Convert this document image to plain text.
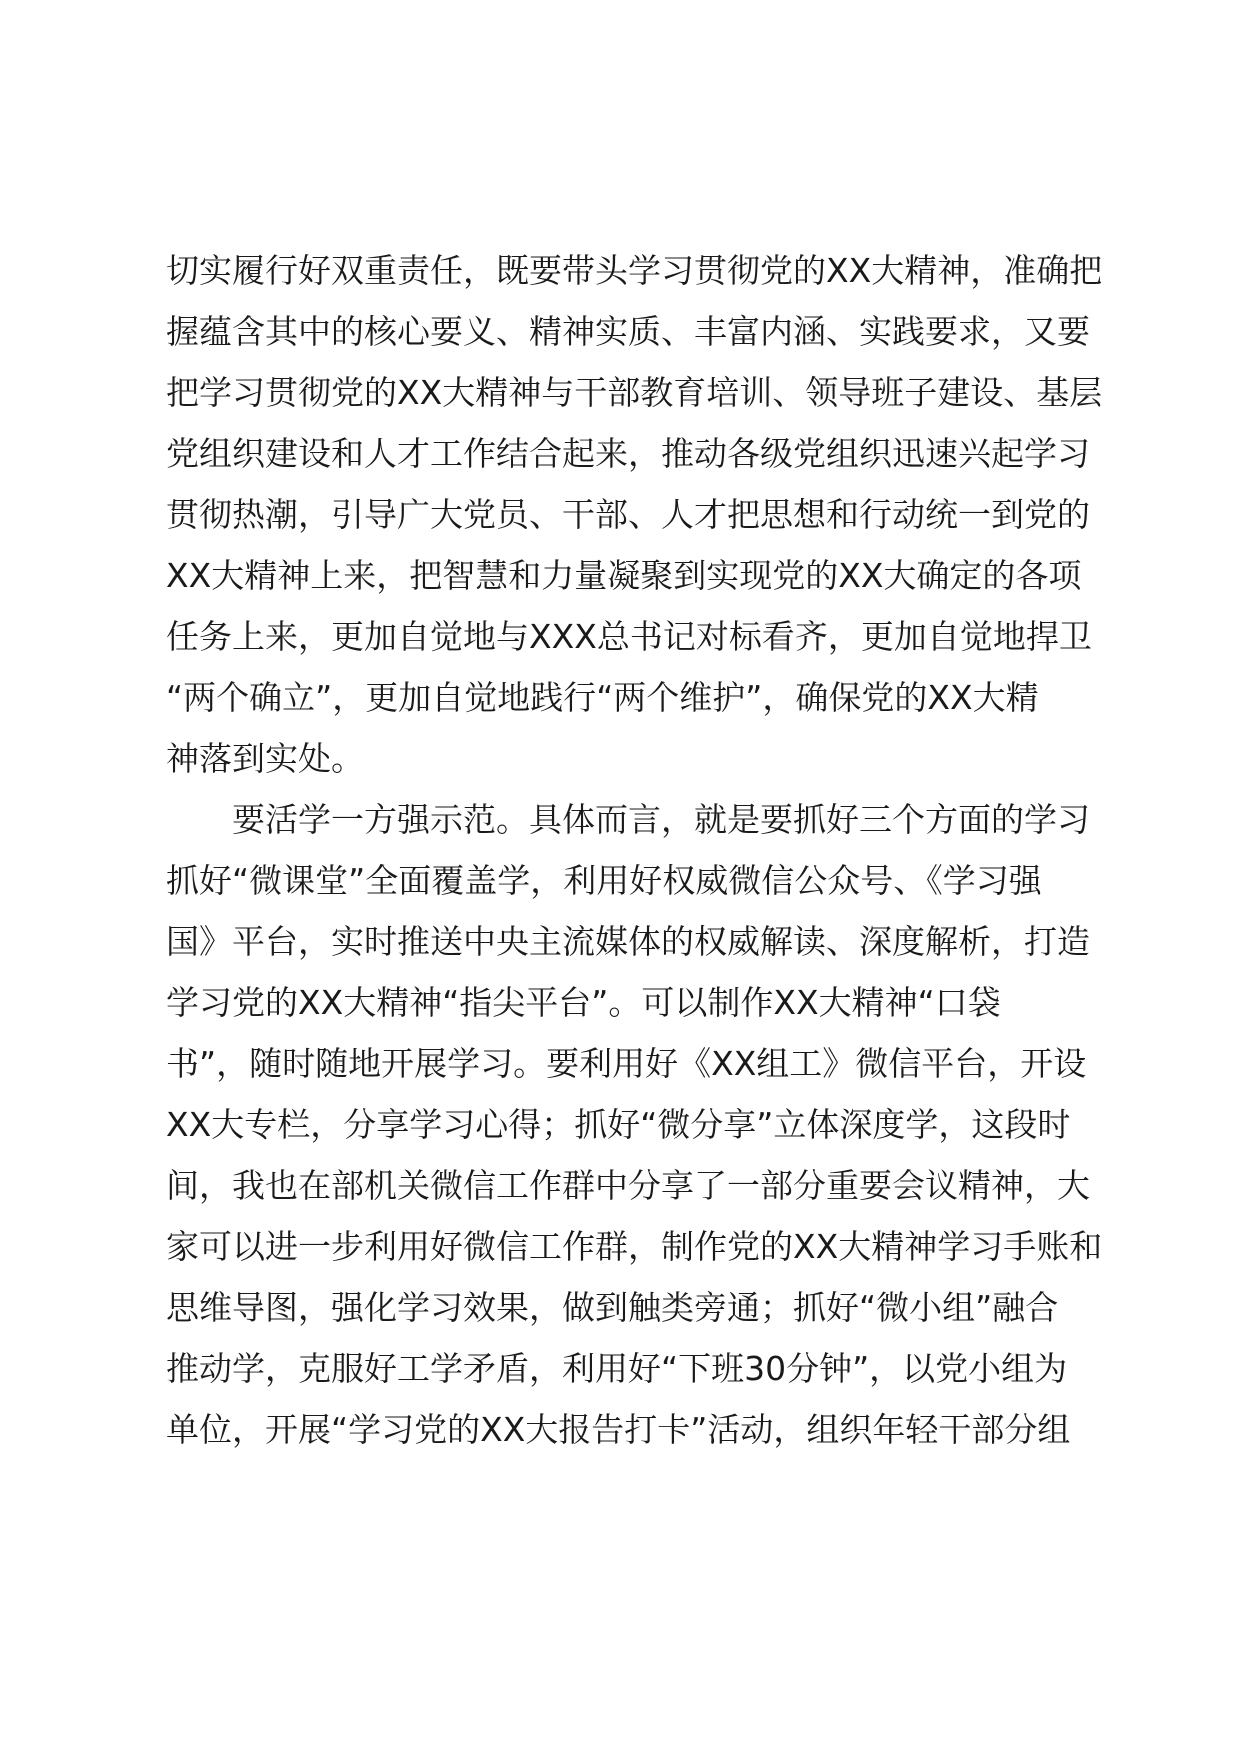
切实履行好双重责任，既要带头学习贯彻党的XX大精神，准确把
握蕴含其中的核心要义、精神实质、丰富内涵、实践要求，又要
把学习贯彻党的XX大精神与干部教育培训、领导班子建设、基层
党组织建设和人才工作结合起来，推动各级党组织迅速兴起学习
贯彻热潮，引导广大党员、干部、人才把思想和行动统一到党的
XX大精神上来，把智慧和力量凝聚到实现党的XX大确定的各项
任务上来，更加自觉地与XXX总书记对标看齐，更加自觉地捍卫
“两个确立”，更加自觉地践行“两个维护”，确保党的XX大精
神落到实处。
要活学一方强示范。具体而言，就是要抓好三个方面的学习
抓好“微课堂”全面覆盖学，利用好权威微信公众号、《学习强
国》平台，实时推送中央主流媒体的权威解读、深度解析，打造
学习党的XX大精神“指尖平台”。可以制作XX大精神“口袋
书”，随时随地开展学习。要利用好《XX组工》微信平台，开设
XX大专栏，分享学习心得；抓好“微分享”立体深度学，这段时
间，我也在部机关微信工作群中分享了一部分重要会议精神，大
家可以进一步利用好微信工作群，制作党的XX大精神学习手账和
思维导图，强化学习效果，做到触类旁通；抓好“微小组”融合
推动学，克服好工学矛盾，利用好“下班30分钟”，以党小组为
单位，开展“学习党的XX大报告打卡”活动，组织年轻干部分组
